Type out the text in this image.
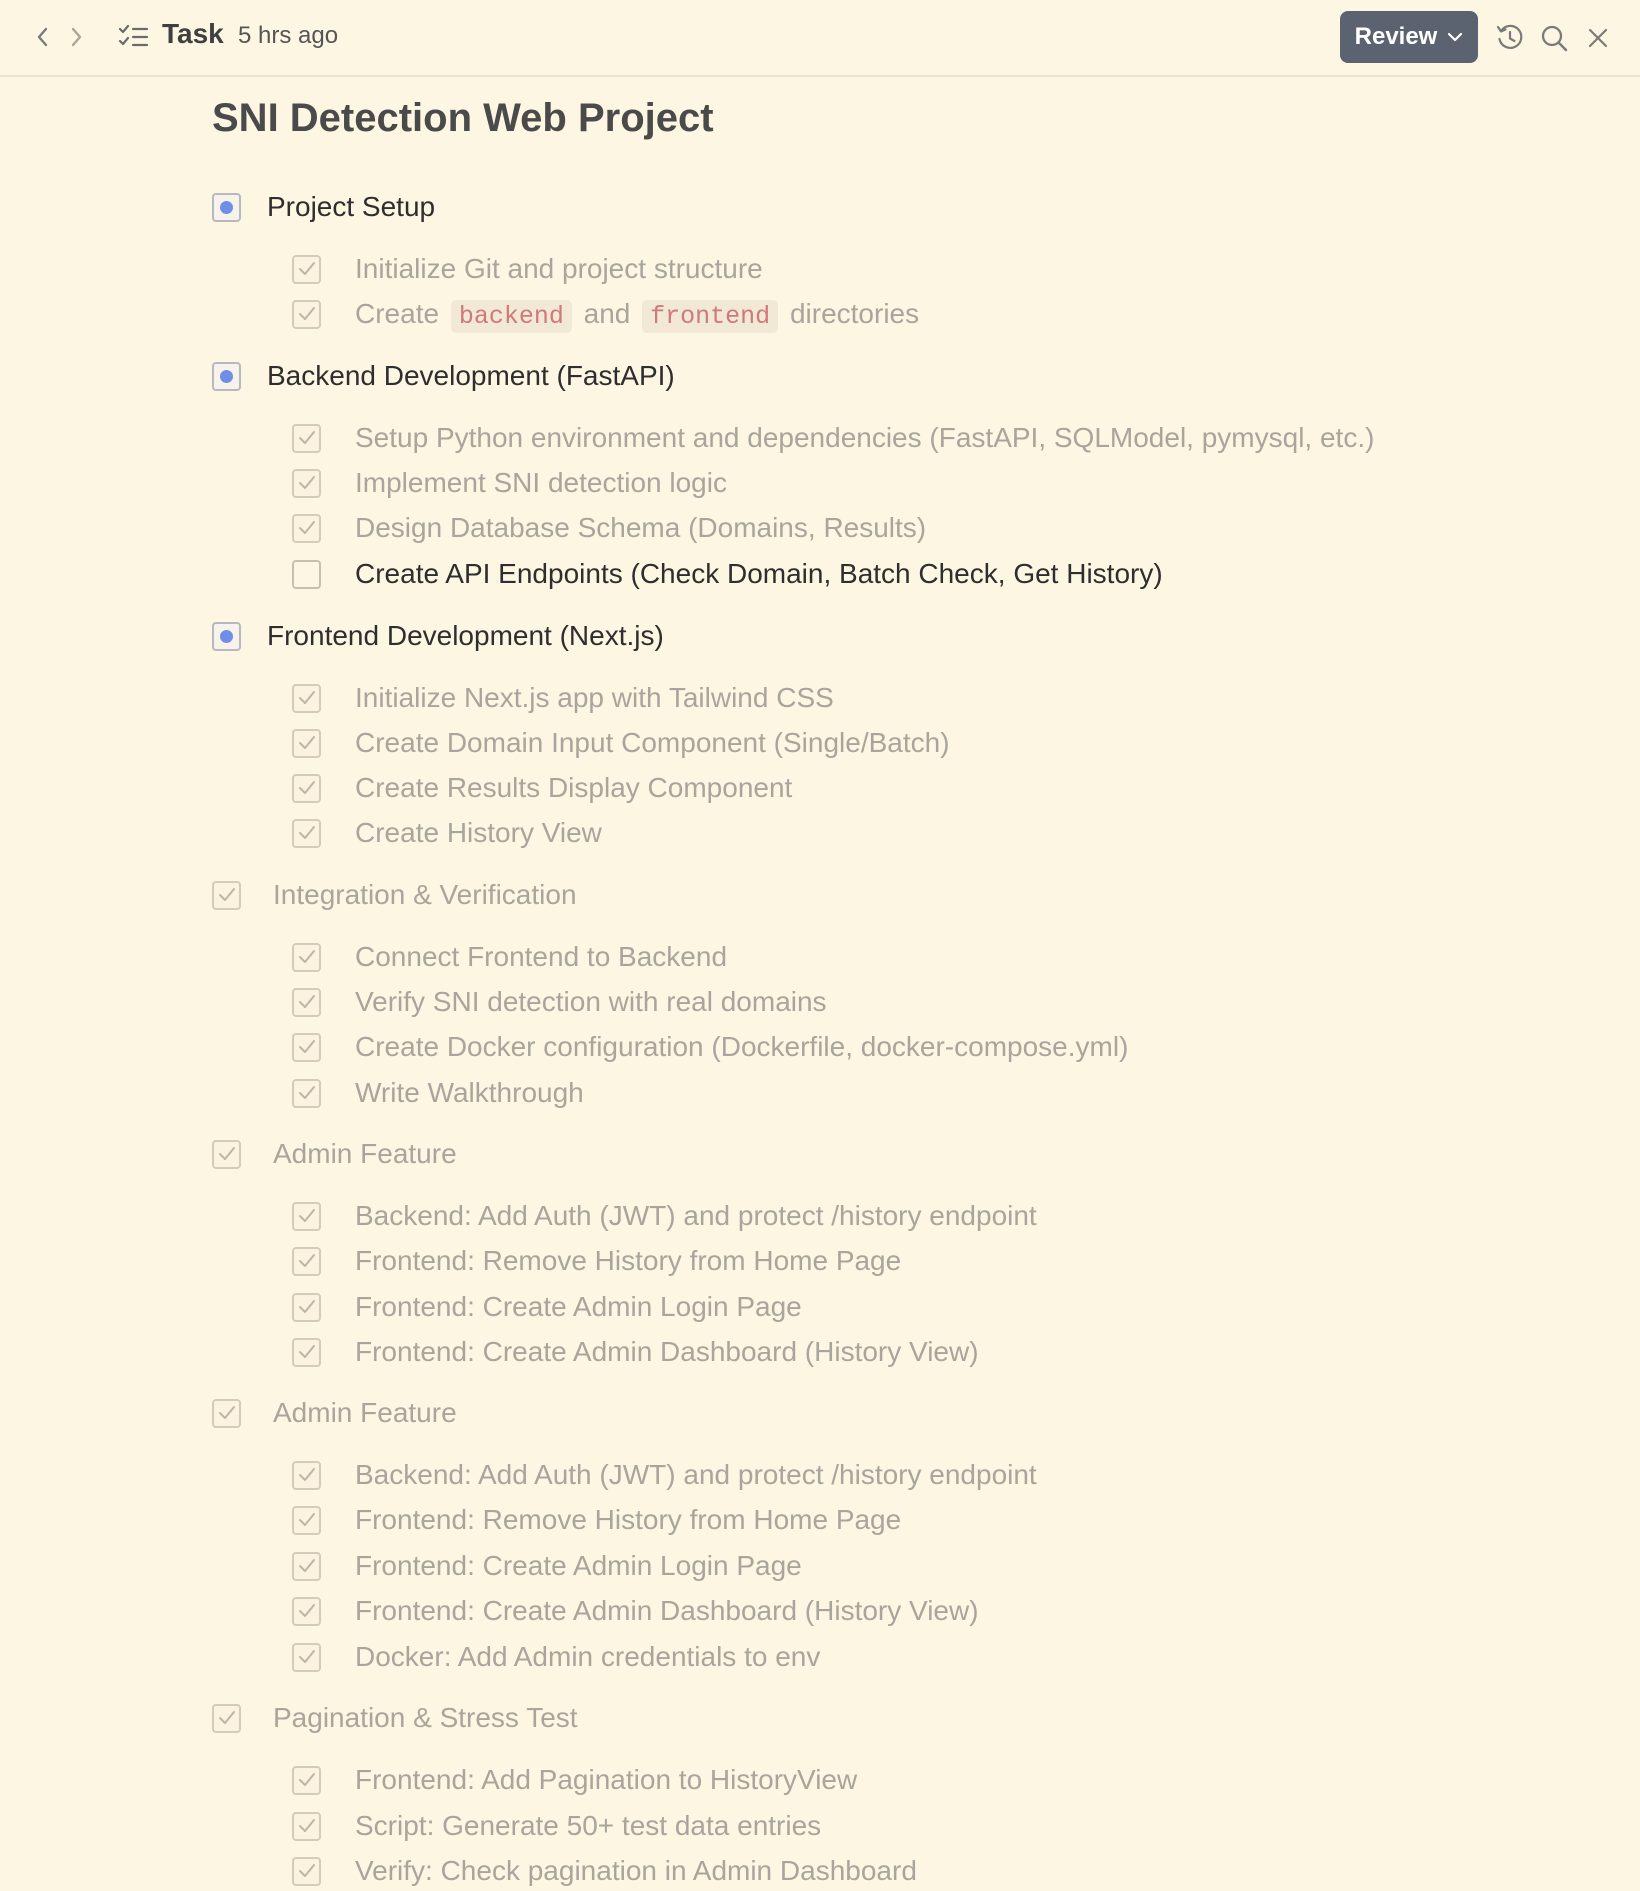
Task 5 hrs ago	Review
SNI Detection Web Project
Project Setup
Initialize Git and project structure
Create backend and frontend directories
Backend Development (FastAPI)
Setup Python environment and dependencies (FastAPI, SQLModel, pymysql, etc.)
Implement SNI detection logic
Design Database Schema (Domains, Results)
Create API Endpoints (Check Domain, Batch Check, Get History)
Frontend Development (Next.js)
Initialize Next.js app with Tailwind CSS
Create Domain Input Component (Single/Batch)
Create Results Display Component
Create History View
Integration & Verification
Connect Frontend to Backend
Verify SNI detection with real domains
Create Docker configuration (Dockerfile, docker-compose.yml)
Write Walkthrough
Admin Feature
Backend: Add Auth (JWT) and protect /history endpoint
Frontend: Remove History from Home Page
Frontend: Create Admin Login Page
Frontend: Create Admin Dashboard (History View)
Admin Feature
Backend: Add Auth (JWT) and protect /history endpoint
Frontend: Remove History from Home Page
Frontend: Create Admin Login Page
Frontend: Create Admin Dashboard (History View)
Docker: Add Admin credentials to env
Pagination & Stress Test
Frontend: Add Pagination to HistoryView
Script: Generate 50+ test data entries
Verify: Check pagination in Admin Dashboard
